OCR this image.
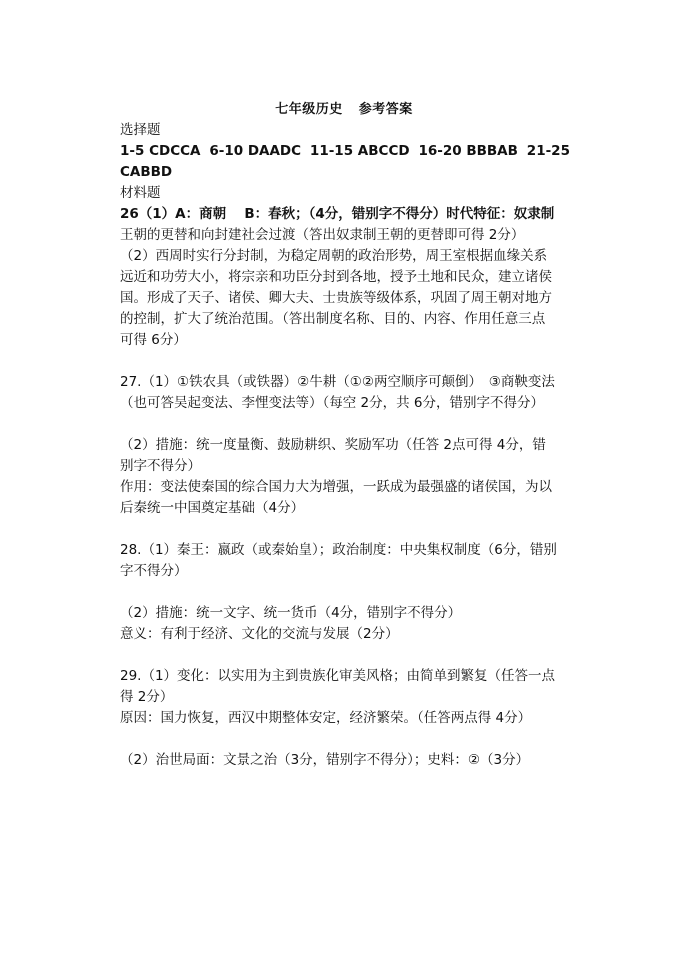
七年级历史 参考答案
选择题
1-5 CDCCA 6-10 DAADC 11-15 ABCCD 16-20 BBBAB 21-25
CABBD
材料题
26（1）A：商朝　 B：春秋；（4分，错别字不得分）时代特征：奴隶制
王朝的更替和向封建社会过渡（答出奴隶制王朝的更替即可得 2分）
（2）西周时实行分封制，为稳定周朝的政治形势，周王室根据血缘关系
远近和功劳大小，将宗亲和功臣分封到各地，授予土地和民众，建立诸侯
国。形成了天子、诸侯、卿大夫、士贵族等级体系，巩固了周王朝对地方
的控制，扩大了统治范围。（答出制度名称、目的、内容、作用任意三点
可得 6分）
27.（1）①铁农具（或铁器）②牛耕（①②两空顺序可颠倒）　③商鞅变法
（也可答吴起变法、李悝变法等）（每空 2分，共 6分，错别字不得分）
（2）措施：统一度量衡、鼓励耕织、奖励军功（任答 2点可得 4分，错
别字不得分）
作用：变法使秦国的综合国力大为增强，一跃成为最强盛的诸侯国，为以
后秦统一中国奠定基础（4分）
28.（1）秦王：嬴政（或秦始皇）；政治制度：中央集权制度（6分，错别
字不得分）
（2）措施：统一文字、统一货币（4分，错别字不得分）
意义：有利于经济、文化的交流与发展（2分）
29.（1）变化：以实用为主到贵族化审美风格；由简单到繁复（任答一点
得 2分）
原因：国力恢复，西汉中期整体安定，经济繁荣。（任答两点得 4分）
（2）治世局面：文景之治（3分，错别字不得分）；史料：②（3分）
